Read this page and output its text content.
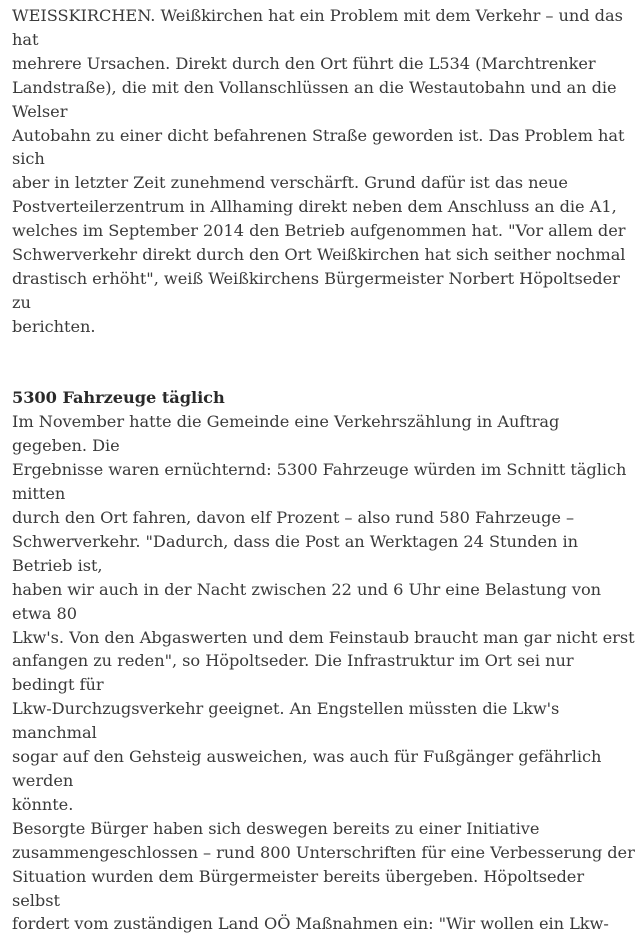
WEISSKIRCHEN. Weißkirchen hat ein Problem mit dem Verkehr – und das hat
mehrere Ursachen. Direkt durch den Ort führt die L534 (Marchtrenker
Landstraße), die mit den Vollanschlüssen an die Westautobahn und an die Welser
Autobahn zu einer dicht befahrenen Straße geworden ist. Das Problem hat sich
aber in letzter Zeit zunehmend verschärft. Grund dafür ist das neue
Postverteilerzentrum in Allhaming direkt neben dem Anschluss an die A1,
welches im September 2014 den Betrieb aufgenommen hat. "Vor allem der
Schwerverkehr direkt durch den Ort Weißkirchen hat sich seither nochmal
drastisch erhöht", weiß Weißkirchens Bürgermeister Norbert Höpoltseder zu
berichten.

5300 Fahrzeuge täglich

Im November hatte die Gemeinde eine Verkehrszählung in Auftrag gegeben. Die
Ergebnisse waren ernüchternd: 5300 Fahrzeuge würden im Schnitt täglich mitten
durch den Ort fahren, davon elf Prozent – also rund 580 Fahrzeuge –
Schwerverkehr. "Dadurch, dass die Post an Werktagen 24 Stunden in Betrieb ist,
haben wir auch in der Nacht zwischen 22 und 6 Uhr eine Belastung von etwa 80
Lkw's. Von den Abgaswerten und dem Feinstaub braucht man gar nicht erst
anfangen zu reden", so Höpoltseder. Die Infrastruktur im Ort sei nur bedingt für
Lkw-Durchzugsverkehr geeignet. An Engstellen müssten die Lkw's manchmal
sogar auf den Gehsteig ausweichen, was auch für Fußgänger gefährlich werden
könnte.

Besorgte Bürger haben sich deswegen bereits zu einer Initiative
zusammengeschlossen – rund 800 Unterschriften für eine Verbesserung der
Situation wurden dem Bürgermeister bereits übergeben. Höpoltseder selbst
fordert vom zuständigen Land OÖ Maßnahmen ein: "Wir wollen ein Lkw-
